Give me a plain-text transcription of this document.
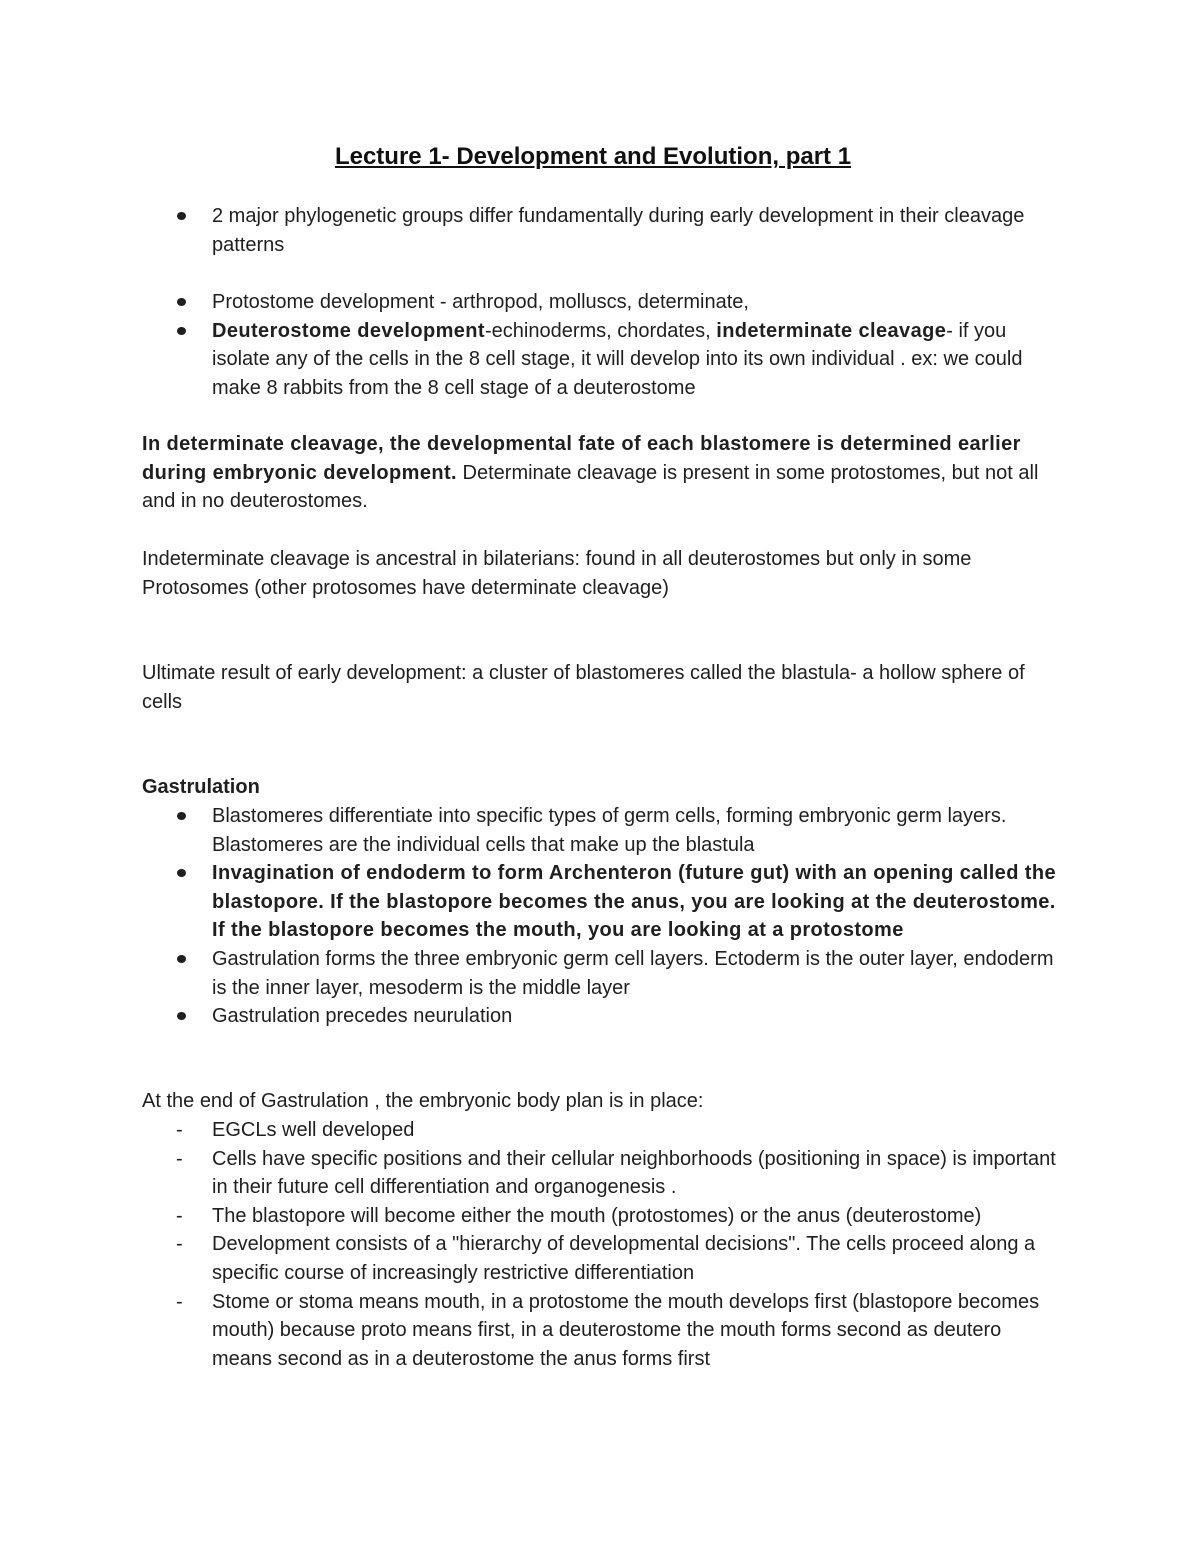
Lecture 1- Development and Evolution, part 1
2 major phylogenetic groups differ fundamentally during early development in their cleavage patterns
Protostome development - arthropod, molluscs, determinate,
Deuterostome development-echinoderms, chordates, indeterminate cleavage- if you isolate any of the cells in the 8 cell stage, it will develop into its own individual . ex: we could make 8 rabbits from the 8 cell stage of a deuterostome

In determinate cleavage, the developmental fate of each blastomere is determined earlier during embryonic development. Determinate cleavage is present in some protostomes, but not all and in no deuterostomes.

Indeterminate cleavage is ancestral in bilaterians: found in all deuterostomes but only in some Protosomes (other protosomes have determinate cleavage)

Ultimate result of early development: a cluster of blastomeres called the blastula- a hollow sphere of cells

Gastrulation

Blastomeres differentiate into specific types of germ cells, forming embryonic germ layers. Blastomeres are the individual cells that make up the blastula
Invagination of endoderm to form Archenteron (future gut) with an opening called the blastopore. If the blastopore becomes the anus, you are looking at the deuterostome. If the blastopore becomes the mouth, you are looking at a protostome
Gastrulation forms the three embryonic germ cell layers. Ectoderm is the outer layer, endoderm is the inner layer, mesoderm is the middle layer
Gastrulation precedes neurulation

At the end of Gastrulation , the embryonic body plan is in place:

- EGCLs well developed
- Cells have specific positions and their cellular neighborhoods (positioning in space) is important in their future cell differentiation and organogenesis .
- The blastopore will become either the mouth (protostomes) or the anus (deuterostome)
- Development consists of a "hierarchy of developmental decisions". The cells proceed along a specific course of increasingly restrictive differentiation
- Stome or stoma means mouth, in a protostome the mouth develops first (blastopore becomes mouth) because proto means first, in a deuterostome the mouth forms second as deutero means second as in a deuterostome the anus forms first
